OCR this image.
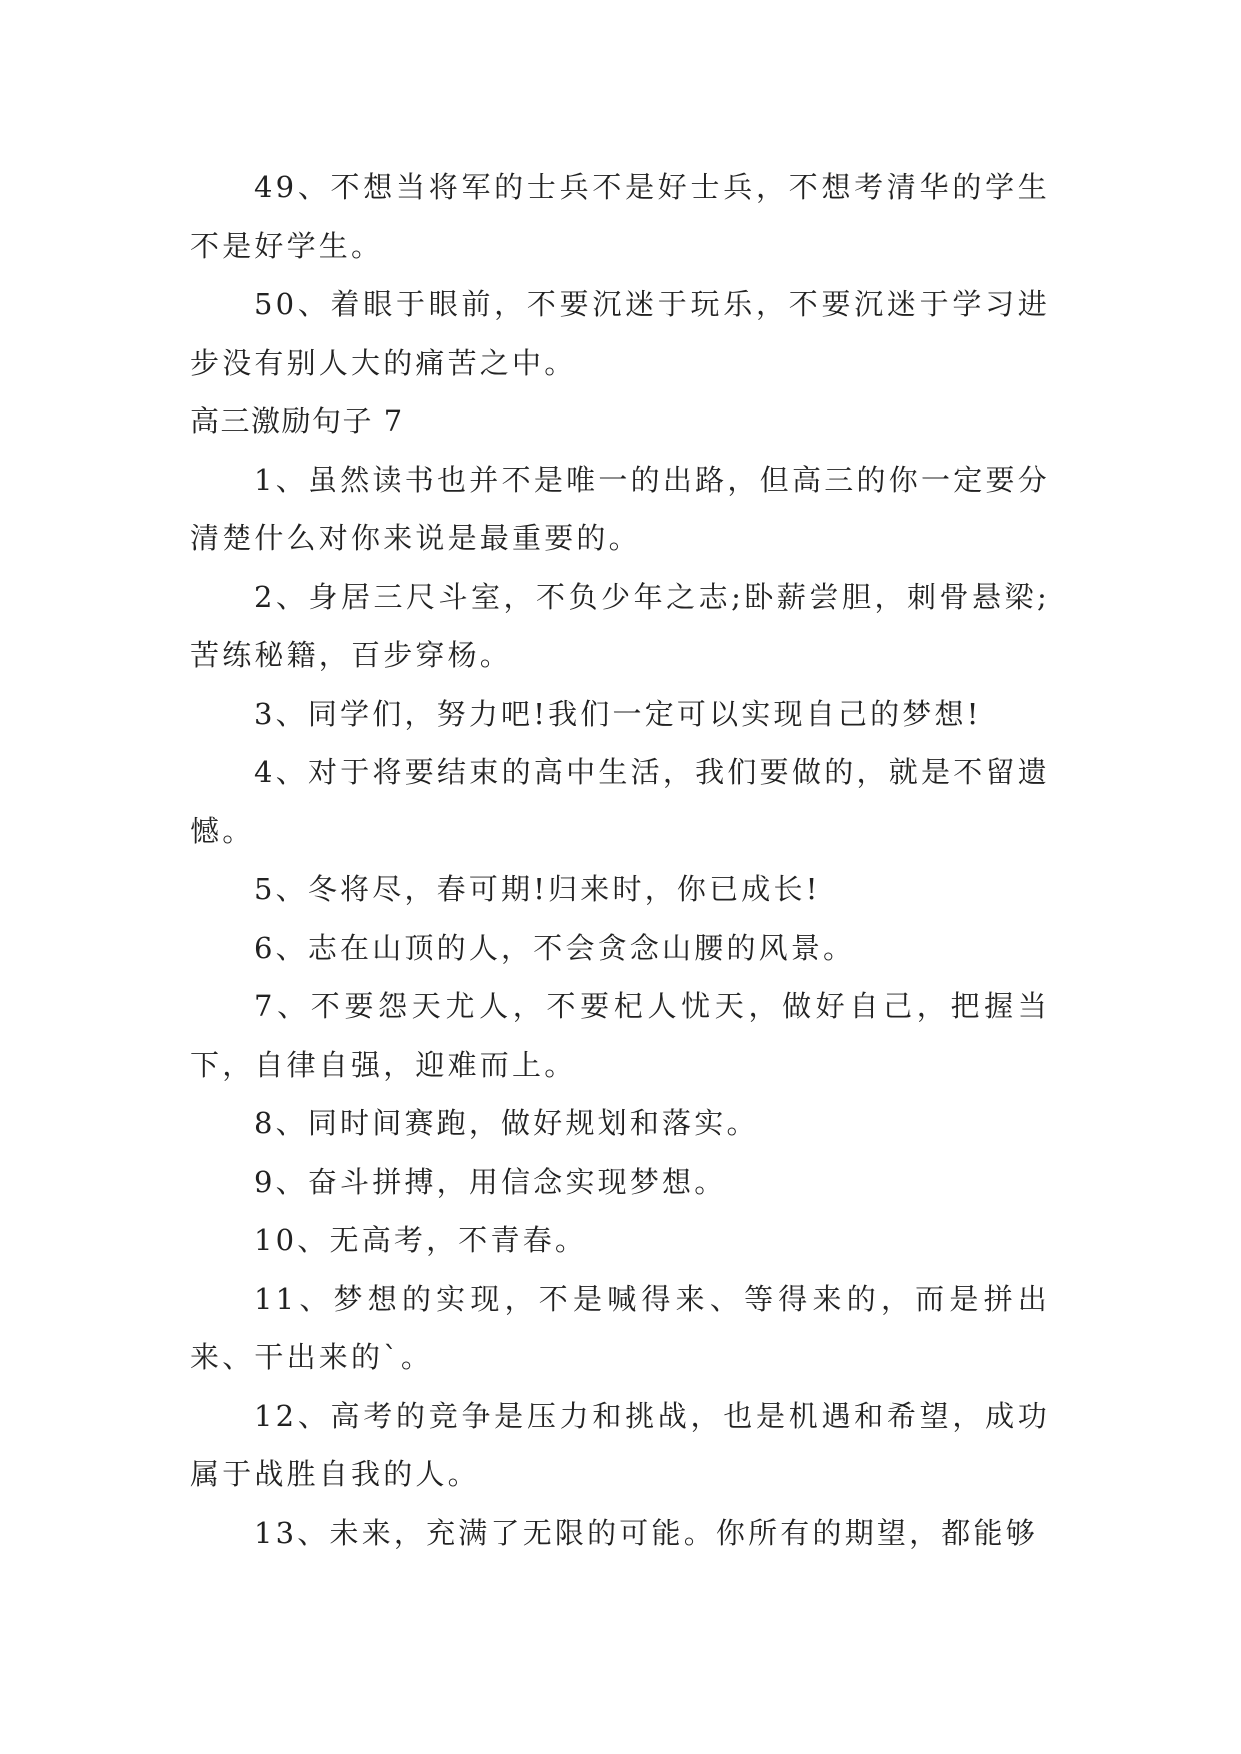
49、不想当将军的士兵不是好士兵，不想考清华的学生不是好学生。

50、着眼于眼前，不要沉迷于玩乐，不要沉迷于学习进步没有别人大的痛苦之中。

高三激励句子 7

1、虽然读书也并不是唯一的出路，但高三的你一定要分清楚什么对你来说是最重要的。

2、身居三尺斗室，不负少年之志;卧薪尝胆，刺骨悬梁;苦练秘籍，百步穿杨。

3、同学们，努力吧!我们一定可以实现自己的梦想!

4、对于将要结束的高中生活，我们要做的，就是不留遗憾。

5、冬将尽，春可期!归来时，你已成长!

6、志在山顶的人，不会贪念山腰的风景。

7、不要怨天尤人，不要杞人忧天，做好自己，把握当下，自律自强，迎难而上。

8、同时间赛跑，做好规划和落实。

9、奋斗拼搏，用信念实现梦想。

10、无高考，不青春。

11、梦想的实现，不是喊得来、等得来的，而是拼出来、干出来的`。

12、高考的竞争是压力和挑战，也是机遇和希望，成功属于战胜自我的人。

13、未来，充满了无限的可能。你所有的期望，都能够
